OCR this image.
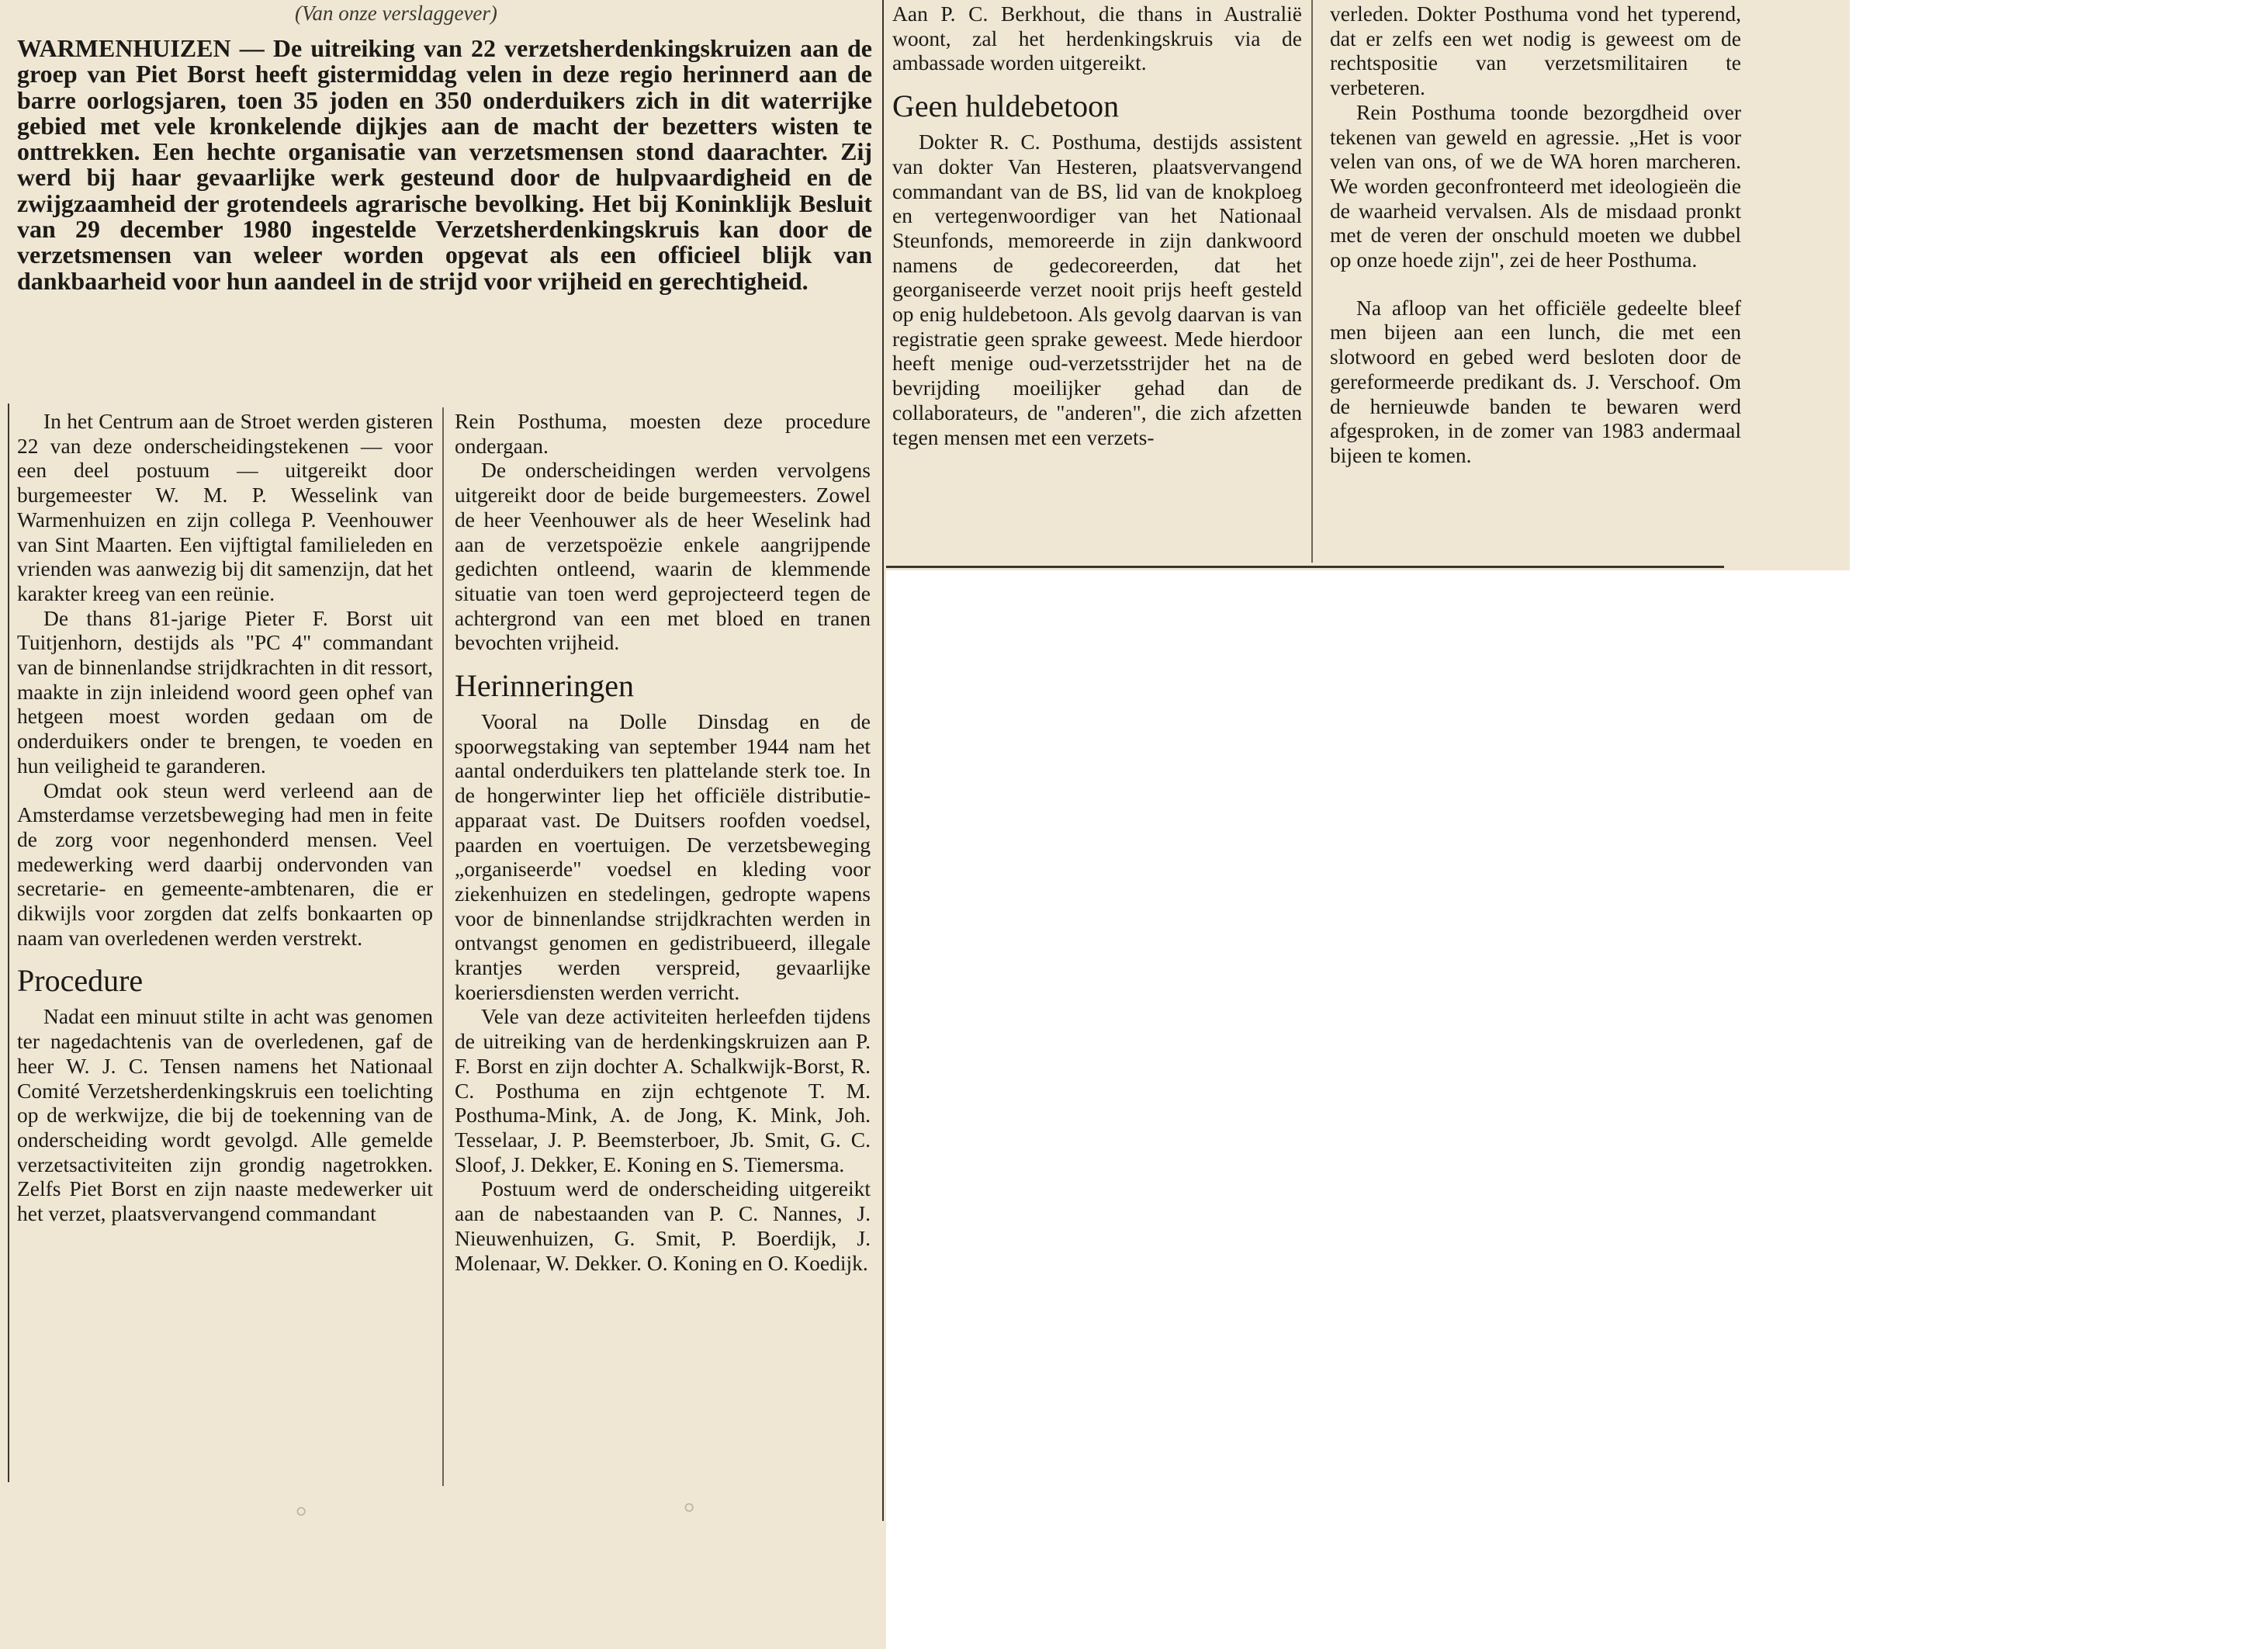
◦	◦
(Van onze verslaggever)

WARMENHUIZEN — De uitreiking van 22 verzetsherdenkingskruizen aan de groep van Piet Borst heeft gistermiddag velen in deze regio herinnerd aan de barre oorlogsjaren, toen 35 joden en 350 onderduikers zich in dit waterrijke gebied met vele kronkelende dijkjes aan de macht der bezetters wisten te onttrekken. Een hechte organisatie van verzetsmensen stond daarachter. Zij werd bij haar gevaarlijke werk gesteund door de hulpvaardigheid en de zwijgzaamheid der grotendeels agrarische bevolking. Het bij Koninklijk Besluit van 29 december 1980 ingestelde Verzetsherdenkingskruis kan door de verzetsmensen van weleer worden opgevat als een officieel blijk van dankbaarheid voor hun aandeel in de strijd voor vrijheid en gerechtigheid.

In het Centrum aan de Stroet werden gisteren 22 van deze onderscheidingstekenen — voor een deel postuum — uitgereikt door burgemeester W. M. P. Wesselink van Warmenhuizen en zijn collega P. Veenhouwer van Sint Maarten. Een vijftigtal familieleden en vrienden was aanwezig bij dit samenzijn, dat het karakter kreeg van een reünie.

De thans 81-jarige Pieter F. Borst uit Tuitjenhorn, destijds als "PC 4" commandant van de binnenlandse strijdkrachten in dit ressort, maakte in zijn inleidend woord geen ophef van hetgeen moest worden gedaan om de onderduikers onder te brengen, te voeden en hun veiligheid te garanderen.

Omdat ook steun werd verleend aan de Amsterdamse verzetsbeweging had men in feite de zorg voor negenhonderd mensen. Veel medewerking werd daarbij ondervonden van secretarie- en gemeente-ambtenaren, die er dikwijls voor zorgden dat zelfs bonkaarten op naam van overledenen werden verstrekt.

Procedure

Nadat een minuut stilte in acht was genomen ter nagedachtenis van de overledenen, gaf de heer W. J. C. Tensen namens het Nationaal Comité Verzetsherdenkingskruis een toelichting op de werkwijze, die bij de toekenning van de onderscheiding wordt gevolgd. Alle gemelde verzetsactiviteiten zijn grondig nagetrokken. Zelfs Piet Borst en zijn naaste medewerker uit het verzet, plaatsvervangend commandant

Rein Posthuma, moesten deze procedure ondergaan.

De onderscheidingen werden vervolgens uitgereikt door de beide burgemeesters. Zowel de heer Veenhouwer als de heer Weselink had aan de verzetspoëzie enkele aangrijpende gedichten ontleend, waarin de klemmende situatie van toen werd geprojecteerd tegen de achtergrond van een met bloed en tranen bevochten vrijheid.

Herinneringen

Vooral na Dolle Dinsdag en de spoorwegstaking van september 1944 nam het aantal onderduikers ten plattelande sterk toe. In de hongerwinter liep het officiële distributie-apparaat vast. De Duitsers roofden voedsel, paarden en voertuigen. De verzetsbeweging „organiseerde" voedsel en kleding voor ziekenhuizen en stedelingen, gedropte wapens voor de binnenlandse strijdkrachten werden in ontvangst genomen en gedistribueerd, illegale krantjes werden verspreid, gevaarlijke koeriersdiensten werden verricht.

Vele van deze activiteiten herleefden tijdens de uitreiking van de herdenkingskruizen aan P. F. Borst en zijn dochter A. Schalkwijk-Borst, R. C. Posthuma en zijn echtgenote T. M. Posthuma-Mink, A. de Jong, K. Mink, Joh. Tesselaar, J. P. Beemsterboer, Jb. Smit, G. C. Sloof, J. Dekker, E. Koning en S. Tiemersma.

Postuum werd de onderscheiding uitgereikt aan de nabestaanden van P. C. Nannes, J. Nieuwenhuizen, G. Smit, P. Boerdijk, J. Molenaar, W. Dekker. O. Koning en O. Koedijk.

Aan P. C. Berkhout, die thans in Australië woont, zal het herdenkingskruis via de ambassade worden uitgereikt.

Geen huldebetoon

Dokter R. C. Posthuma, destijds assistent van dokter Van Hesteren, plaatsvervangend commandant van de BS, lid van de knokploeg en vertegenwoordiger van het Nationaal Steunfonds, memoreerde in zijn dankwoord namens de gedecoreerden, dat het georganiseerde verzet nooit prijs heeft gesteld op enig huldebetoon. Als gevolg daarvan is van registratie geen sprake geweest. Mede hierdoor heeft menige oud-verzetsstrijder het na de bevrijding moeilijker gehad dan de collaborateurs, de "anderen", die zich afzetten tegen mensen met een verzets-

verleden. Dokter Posthuma vond het typerend, dat er zelfs een wet nodig is geweest om de rechtspositie van verzetsmilitairen te verbeteren.

Rein Posthuma toonde bezorgdheid over tekenen van geweld en agressie. „Het is voor velen van ons, of we de WA horen marcheren. We worden geconfronteerd met ideologieën die de waarheid vervalsen. Als de misdaad pronkt met de veren der onschuld moeten we dubbel op onze hoede zijn", zei de heer Posthuma.

Na afloop van het officiële gedeelte bleef men bijeen aan een lunch, die met een slotwoord en gebed werd besloten door de gereformeerde predikant ds. J. Verschoof. Om de hernieuwde banden te bewaren werd afgesproken, in de zomer van 1983 andermaal bijeen te komen.
